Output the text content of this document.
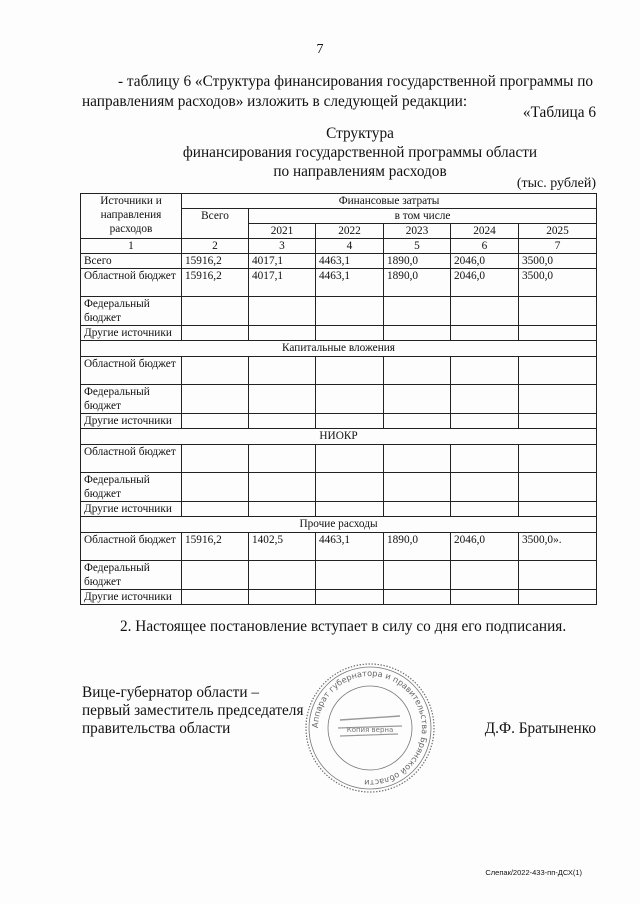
7
- таблицу 6 «Структура финансирования государственной программы по
направлениям расходов» изложить в следующей редакции:
«Таблица 6
Структура
финансирования государственной программы области
по направлениям расходов
(тыс. рублей)
Источники и направления расходов	Финансовые затраты					
	Всего	в том числе				
		2021	2022	2023	2024	2025
1	2	3	4	5	6	7
Всего	15916,2	4017,1	4463,1	1890,0	2046,0	3500,0
Областной бюджет	15916,2	4017,1	4463,1	1890,0	2046,0	3500,0
Федеральный бюджет						
Другие источники						
Капитальные вложения						
Областной бюджет						
Федеральный бюджет						
Другие источники						
НИОКР						
Областной бюджет						
Федеральный бюджет						
Другие источники						
Прочие расходы						
Областной бюджет	15916,2	1402,5	4463,1	1890,0	2046,0	3500,0».
Федеральный бюджет						
Другие источники						
2. Настоящее постановление вступает в силу со дня его подписания.
Вице-губернатор области –
первый заместитель председателя
правительства области	Аппарат губернатора и правительства Брянской области
Копия верна	Д.Ф. Братыненко
Слепак/2022-433-пп-ДСХ(1)
